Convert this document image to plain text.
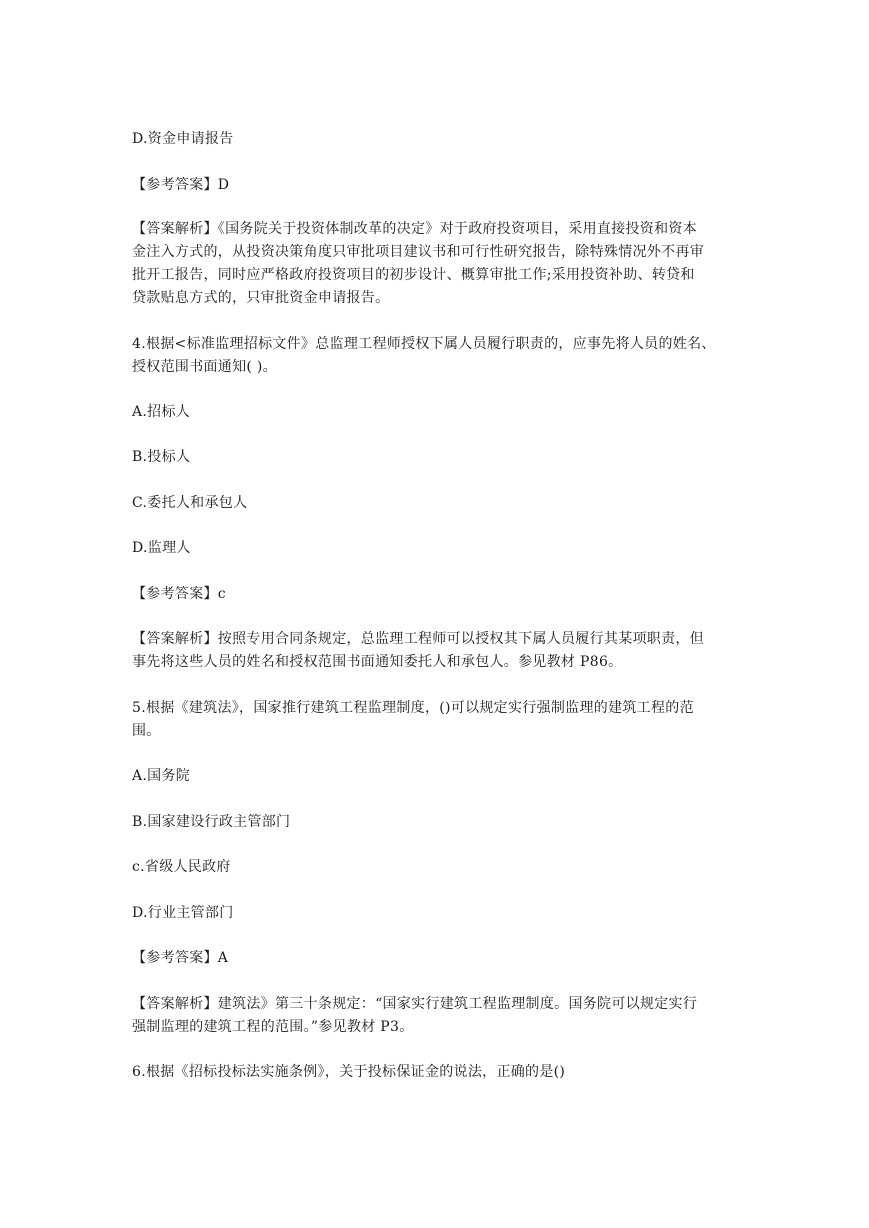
D.资金申请报告
【参考答案】D
【答案解析】《国务院关于投资体制改革的决定》对于政府投资项目，采用直接投资和资本
金注入方式的，从投资决策角度只审批项目建议书和可行性研究报告，除特殊情况外不再审
批开工报告，同时应严格政府投资项目的初步设计、概算审批工作;采用投资补助、转贷和
贷款贴息方式的，只审批资金申请报告。
4.根据<标准监理招标文件》总监理工程师授权下属人员履行职责的，应事先将人员的姓名、
授权范围书面通知( )。
A.招标人
B.投标人
C.委托人和承包人
D.监理人
【参考答案】c
【答案解析】按照专用合同条规定，总监理工程师可以授权其下属人员履行其某项职责，但
事先将这些人员的姓名和授权范围书面通知委托人和承包人。参见教材 P86。
5.根据《建筑法》，国家推行建筑工程监理制度，()可以规定实行强制监理的建筑工程的范
围。
A.国务院
B.国家建设行政主管部门
c.省级人民政府
D.行业主管部门
【参考答案】A
【答案解析】建筑法》第三十条规定：“国家实行建筑工程监理制度。国务院可以规定实行
强制监理的建筑工程的范围。”参见教材 P3。
6.根据《招标投标法实施条例》，关于投标保证金的说法，正确的是()
